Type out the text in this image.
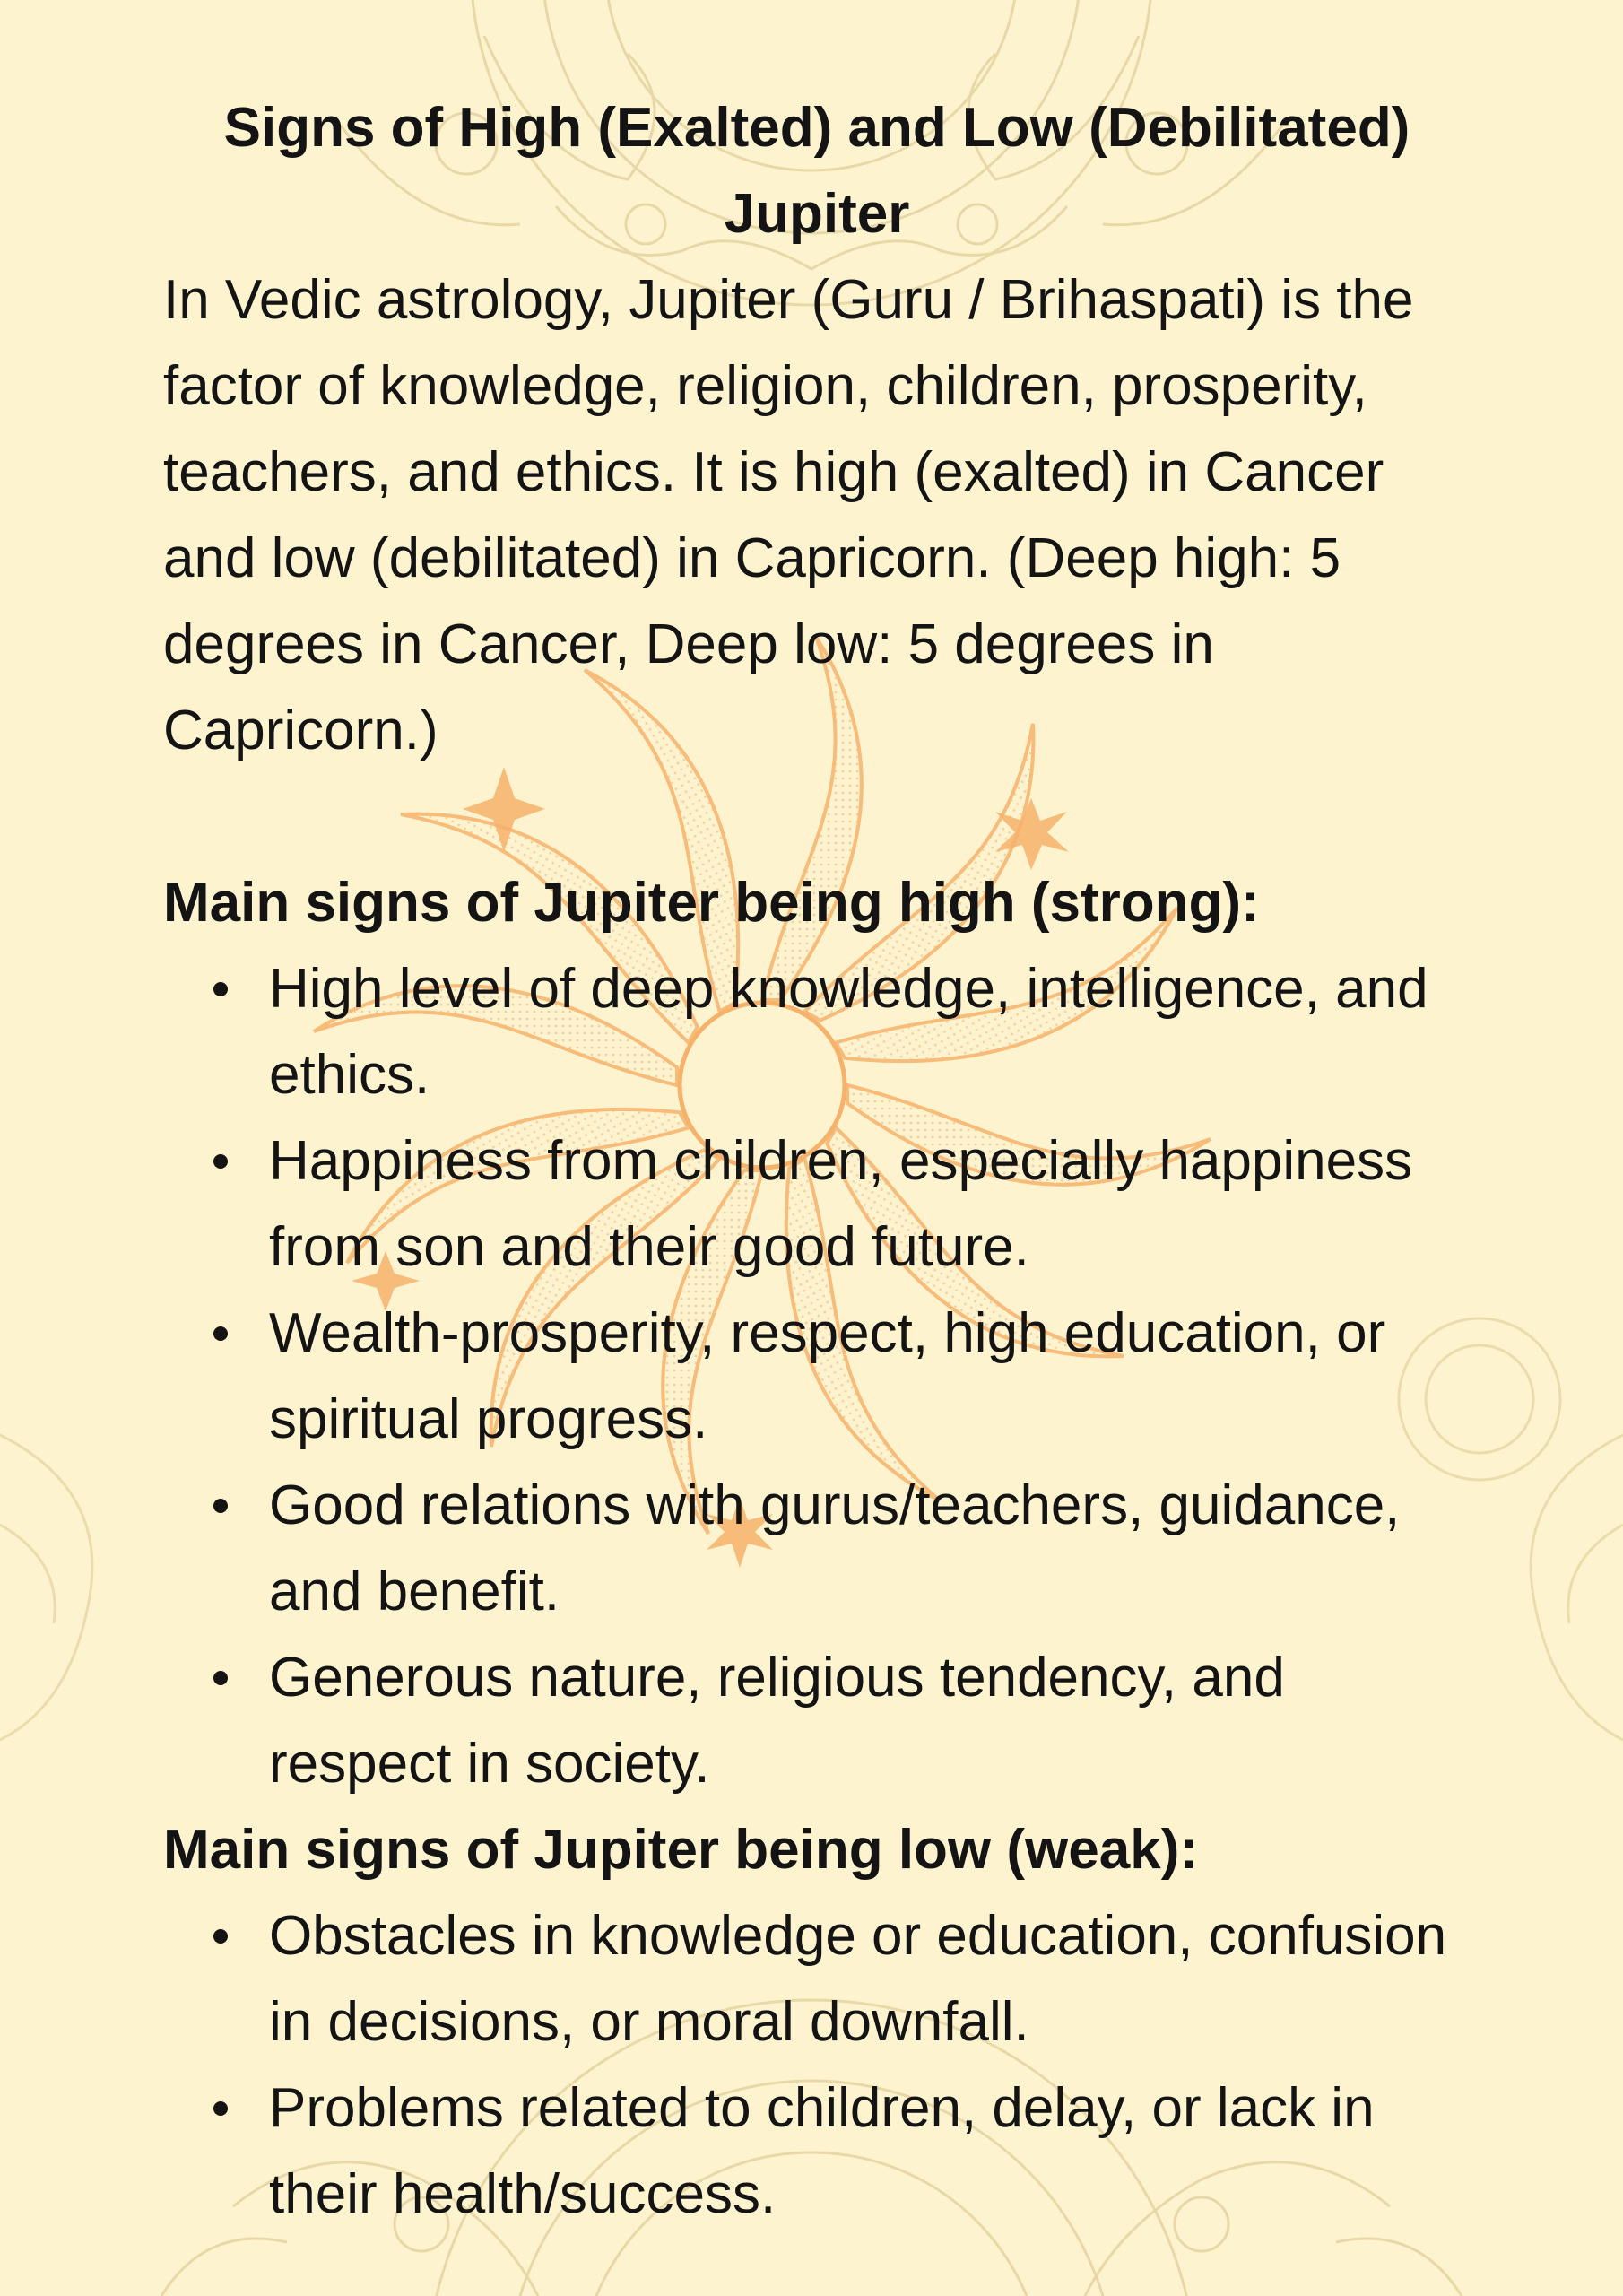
Signs of High (Exalted) and Low (Debilitated) Jupiter

In Vedic astrology, Jupiter (Guru / Brihaspati) is the factor of knowledge, religion, children, prosperity, teachers, and ethics. It is high (exalted) in Cancer and low (debilitated) in Capricorn. (Deep high: 5 degrees in Cancer, Deep low: 5 degrees in Capricorn.)

Main signs of Jupiter being high (strong):
High level of deep knowledge, intelligence, and ethics.
Happiness from children, especially happiness from son and their good future.
Wealth-prosperity, respect, high education, or spiritual progress.
Good relations with gurus/teachers, guidance, and benefit.
Generous nature, religious tendency, and respect in society.
Main signs of Jupiter being low (weak):
Obstacles in knowledge or education, confusion in decisions, or moral downfall.
Problems related to children, delay, or lack in their health/success.
